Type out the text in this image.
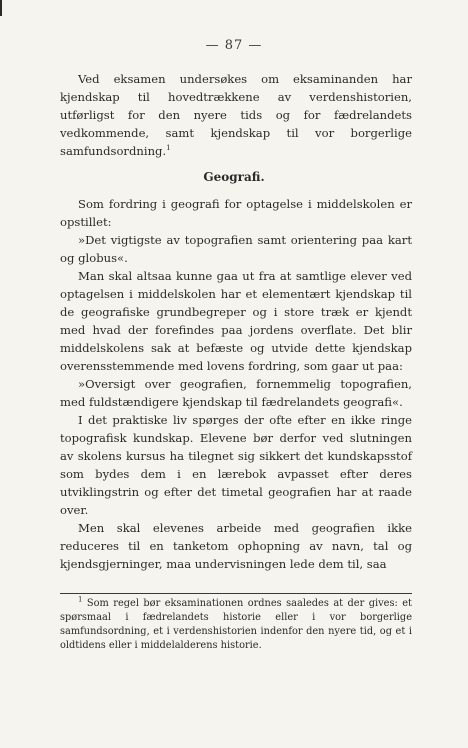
— 87 —

Ved eksamen undersøkes om eksaminanden har kjendskap til hovedtrækkene av verdenshistorien, utførligst for den nyere tids og for fædrelandets vedkommende, samt kjendskap til vor borgerlige samfundsordning.$^1$

Geografi.

Som fordring i geografi for optagelse i middelskolen er opstillet:

»Det vigtigste av topografien samt orientering paa kart og globus«.

Man skal altsaa kunne gaa ut fra at samtlige elever ved optagelsen i middelskolen har et elementært kjendskap til de geografiske grundbegreper og i store træk er kjendt med hvad der forefindes paa jordens overflate. Det blir middelskolens sak at befæste og utvide dette kjendskap overensstemmende med lovens fordring, som gaar ut paa:

»Oversigt over geografien, fornemmelig topografien, med fuldstændigere kjendskap til fædrelandets geografi«.

I det praktiske liv spørges der ofte efter en ikke ringe topografisk kundskap. Elevene bør derfor ved slutningen av skolens kursus ha tilegnet sig sikkert det kundskapsstof som bydes dem i en lærebok avpasset efter deres utviklingstrin og efter det timetal geografien har at raade over.

Men skal elevenes arbeide med geografien ikke reduceres til en tanketom ophopning av navn, tal og kjendsgjerninger, maa undervisningen lede dem til, saa

$^1$ Som regel bør eksaminationen ordnes saaledes at der gives: et spørsmaal i fædrelandets historie eller i vor borgerlige samfundsordning, et i verdenshistorien indenfor den nyere tid, og et i oldtidens eller i middelalderens historie.
